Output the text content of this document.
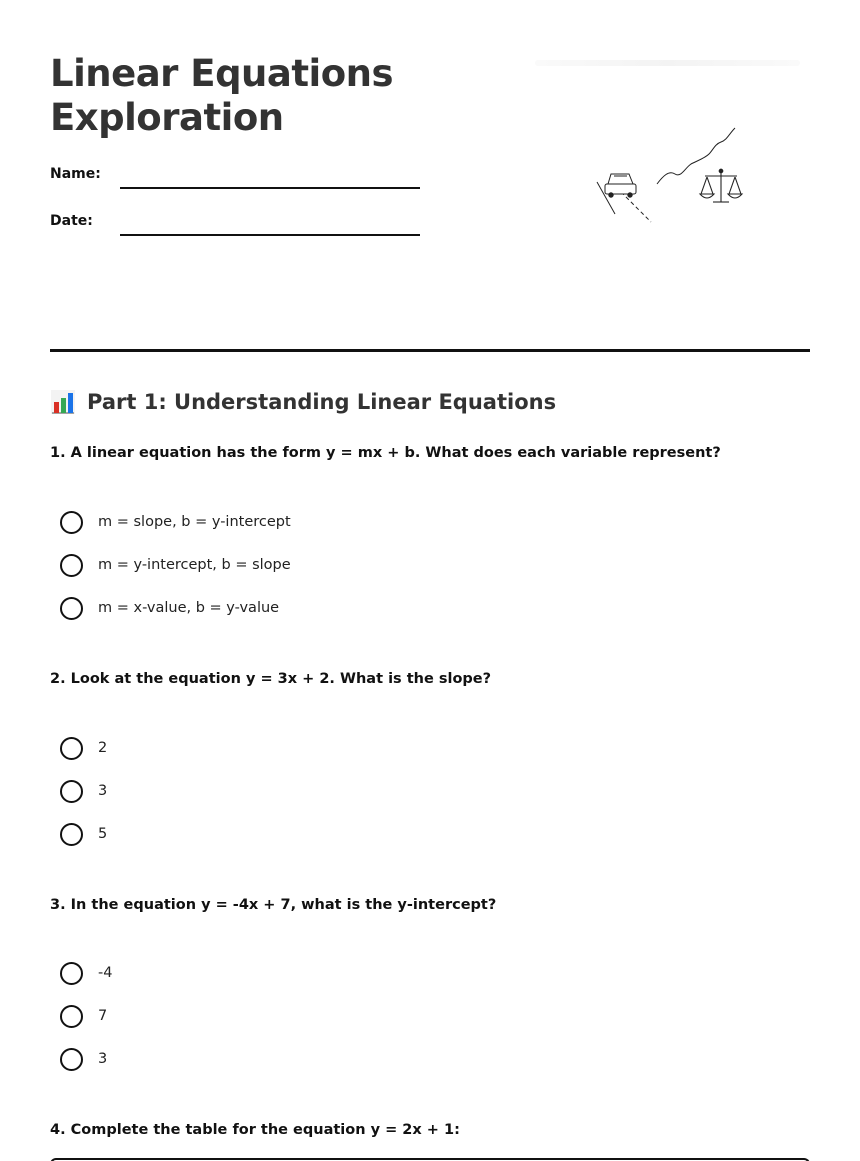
Linear Equations
Exploration
Name:
Date:
Part 1: Understanding Linear Equations
1. A linear equation has the form y = mx + b. What does each variable represent?
m = slope, b = y-intercept
m = y-intercept, b = slope
m = x-value, b = y-value
2. Look at the equation y = 3x + 2. What is the slope?
2
3
5
3. In the equation y = -4x + 7, what is the y-intercept?
-4
7
3
4. Complete the table for the equation y = 2x + 1:
